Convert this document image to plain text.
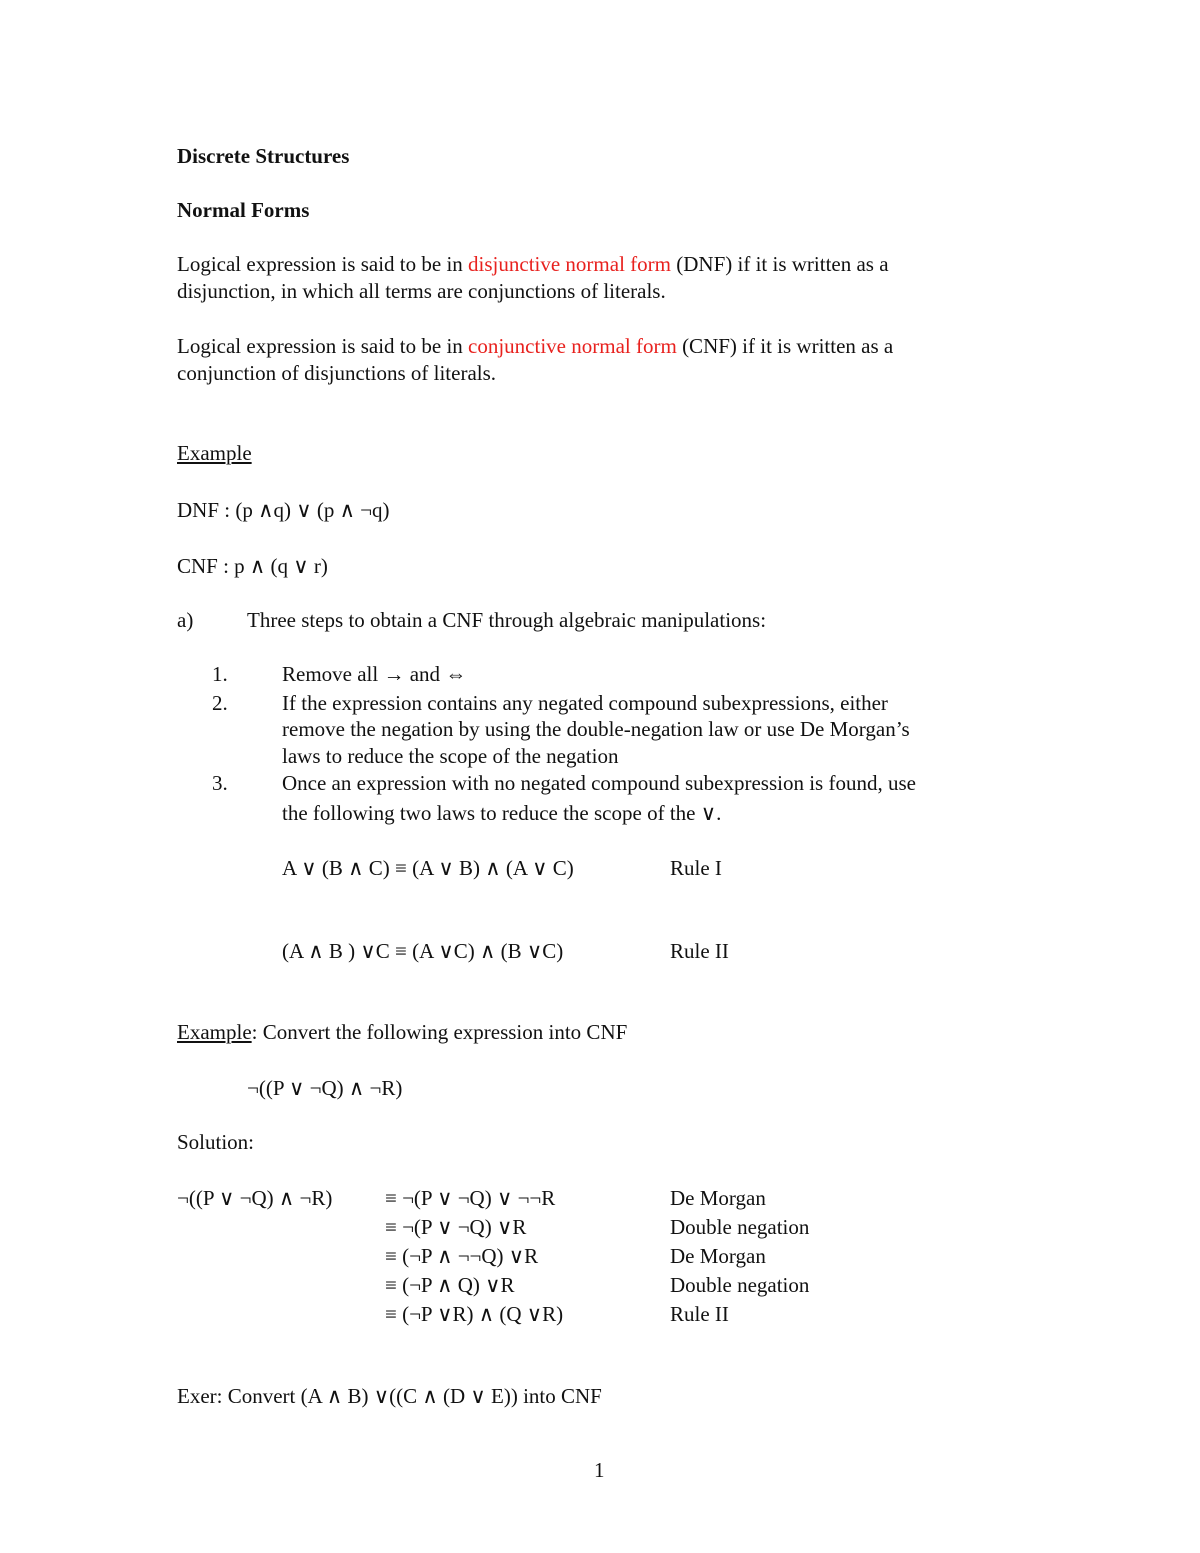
Discrete Structures
Normal Forms
Logical expression is said to be in disjunctive normal form (DNF) if it is written as a
disjunction, in which all terms are conjunctions of literals.
Logical expression is said to be in conjunctive normal form (CNF) if it is written as a
conjunction of disjunctions of literals.
Example
DNF : (p ∧q) ∨ (p ∧ ¬q)
CNF : p ∧ (q ∨ r)
a)	Three steps to obtain a CNF through algebraic manipulations:
1.	Remove all → and ⇔
2.	If the expression contains any negated compound subexpressions, either
remove the negation by using the double-negation law or use De Morgan’s
laws to reduce the scope of the negation
3.	Once an expression with no negated compound subexpression is found, use
the following two laws to reduce the scope of the ∨.
A ∨ (B ∧ C) ≡ (A ∨ B) ∧ (A ∨ C)	Rule I
(A ∧ B ) ∨C ≡ (A ∨C) ∧ (B ∨C)	Rule II
Example: Convert the following expression into CNF
¬((P ∨ ¬Q) ∧ ¬R)
Solution:
¬((P ∨ ¬Q) ∧ ¬R)	≡ ¬(P ∨ ¬Q) ∨ ¬¬R	De Morgan
≡ ¬(P ∨ ¬Q) ∨R	Double negation
≡ (¬P ∧ ¬¬Q) ∨R	De Morgan
≡ (¬P ∧ Q) ∨R	Double negation
≡ (¬P ∨R) ∧ (Q ∨R)	Rule II
Exer: Convert (A ∧ B) ∨((C ∧ (D ∨ E)) into CNF
1
